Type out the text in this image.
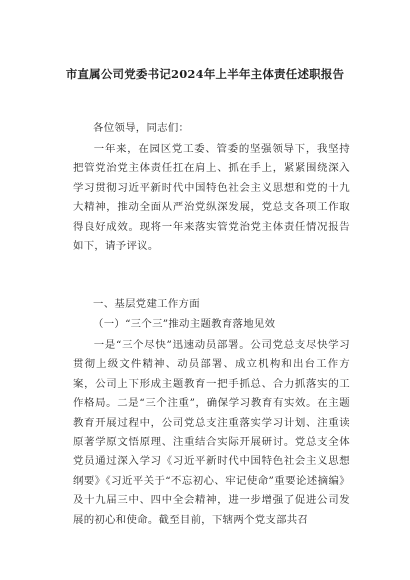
市直属公司党委书记2024年上半年主体责任述职报告

各位领导，同志们：

一年来，在园区党工委、管委的坚强领导下，我坚持把管党治党主体责任扛在肩上、抓在手上，紧紧围绕深入学习贯彻习近平新时代中国特色社会主义思想和党的十九大精神，推动全面从严治党纵深发展，党总支各项工作取得良好成效。现将一年来落实管党治党主体责任情况报告如下，请予评议。

一、基层党建工作方面

（一）“三个三”推动主题教育落地见效

一是“三个尽快”迅速动员部署。公司党总支尽快学习贯彻上级文件精神、动员部署、成立机构和出台工作方案，公司上下形成主题教育一把手抓总、合力抓落实的工作格局。二是“三个注重”，确保学习教育有实效。在主题教育开展过程中，公司党总支注重落实学习计划、注重读原著学原文悟原理、注重结合实际开展研讨。党总支全体党员通过深入学习《习近平新时代中国特色社会主义思想纲要》《习近平关于“不忘初心、牢记使命”重要论述摘编》及十九届三中、四中全会精神，进一步增强了促进公司发展的初心和使命。截至目前，下辖两个党支部共召
